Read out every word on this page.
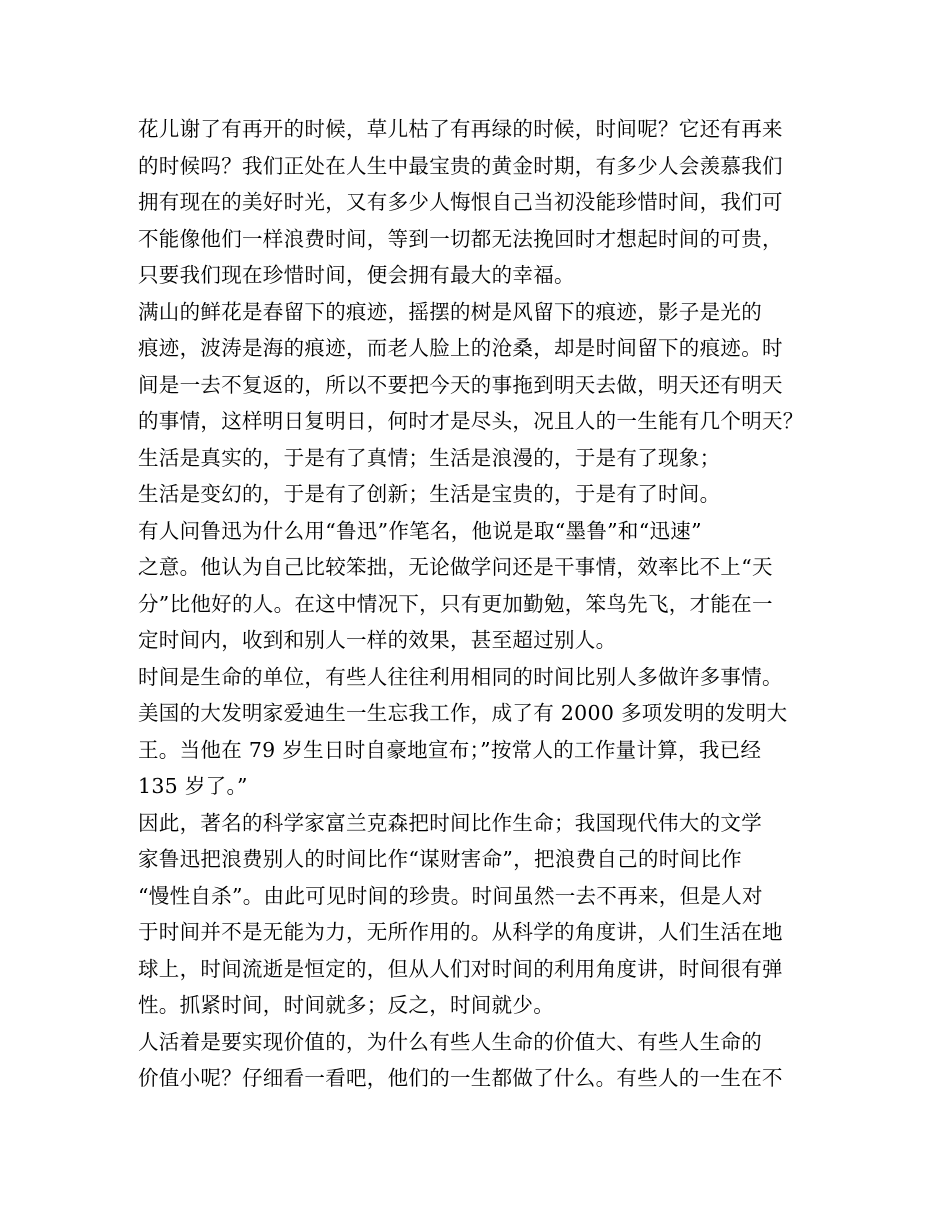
花儿谢了有再开的时候，草儿枯了有再绿的时候，时间呢？它还有再来
的时候吗？我们正处在人生中最宝贵的黄金时期，有多少人会羡慕我们
拥有现在的美好时光，又有多少人悔恨自己当初没能珍惜时间，我们可
不能像他们一样浪费时间，等到一切都无法挽回时才想起时间的可贵，
只要我们现在珍惜时间，便会拥有最大的幸福。
满山的鲜花是春留下的痕迹，摇摆的树是风留下的痕迹，影子是光的
痕迹，波涛是海的痕迹，而老人脸上的沧桑，却是时间留下的痕迹。时
间是一去不复返的，所以不要把今天的事拖到明天去做，明天还有明天
的事情，这样明日复明日，何时才是尽头，况且人的一生能有几个明天？
生活是真实的，于是有了真情；生活是浪漫的，于是有了现象；
生活是变幻的，于是有了创新；生活是宝贵的，于是有了时间。
有人问鲁迅为什么用“鲁迅”作笔名，他说是取“墨鲁”和“迅速”
之意。他认为自己比较笨拙，无论做学问还是干事情，效率比不上“天
分”比他好的人。在这中情况下，只有更加勤勉，笨鸟先飞，才能在一
定时间内，收到和别人一样的效果，甚至超过别人。
时间是生命的单位，有些人往往利用相同的时间比别人多做许多事情。
美国的大发明家爱迪生一生忘我工作，成了有 2000 多项发明的发明大
王。当他在 79 岁生日时自豪地宣布；”按常人的工作量计算，我已经
135 岁了。”
因此，著名的科学家富兰克森把时间比作生命；我国现代伟大的文学
家鲁迅把浪费别人的时间比作“谋财害命”，把浪费自己的时间比作
“慢性自杀”。由此可见时间的珍贵。时间虽然一去不再来，但是人对
于时间并不是无能为力，无所作用的。从科学的角度讲，人们生活在地
球上，时间流逝是恒定的，但从人们对时间的利用角度讲，时间很有弹
性。抓紧时间，时间就多；反之，时间就少。
人活着是要实现价值的，为什么有些人生命的价值大、有些人生命的
价值小呢？仔细看一看吧，他们的一生都做了什么。有些人的一生在不
